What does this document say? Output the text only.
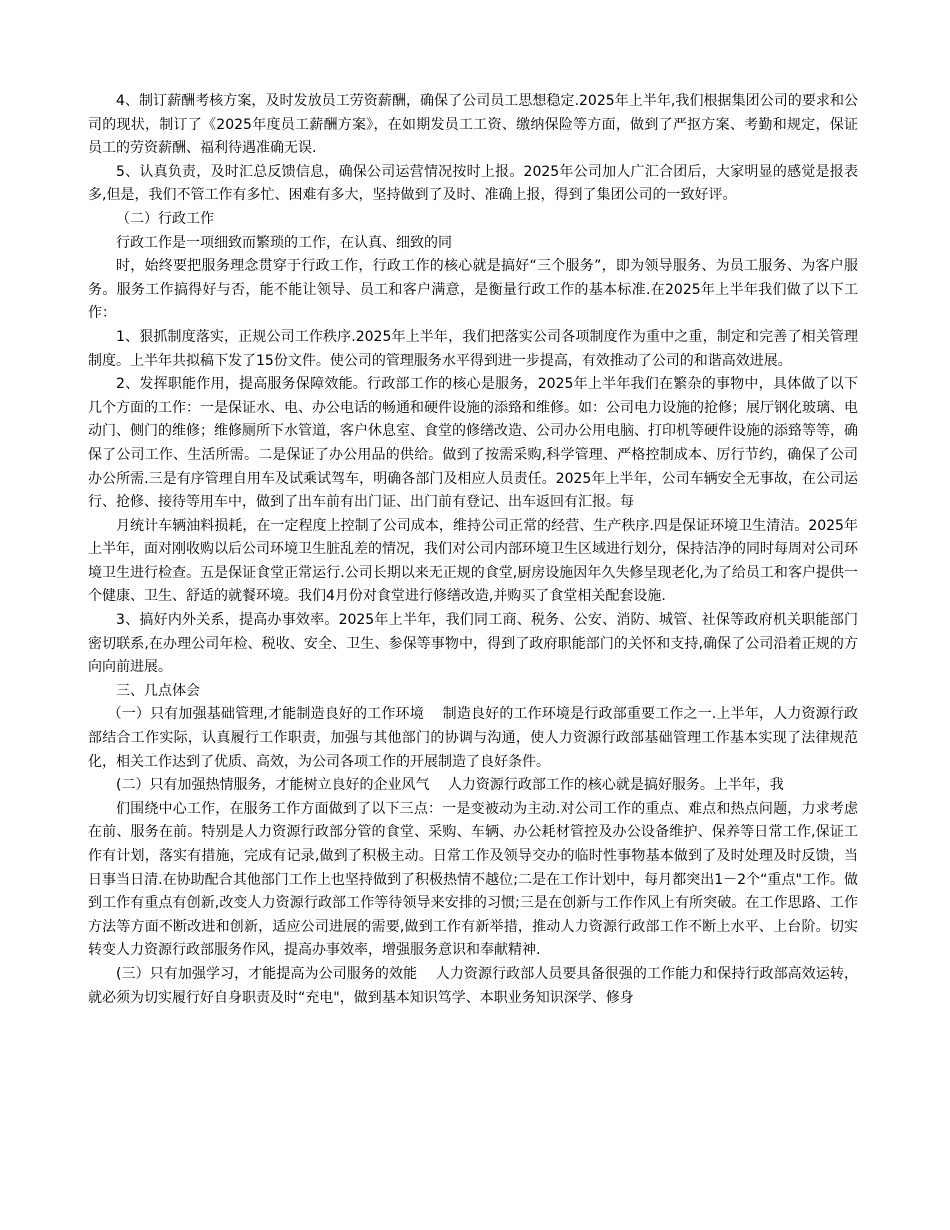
4、制订薪酬考核方案，及时发放员工劳资薪酬，确保了公司员工思想稳定.2025年上半年,我们根据集团公司的要求和公司的现状，制订了《2025年度员工薪酬方案》，在如期发员工工资、缴纳保险等方面，做到了严抠方案、考勤和规定，保证员工的劳资薪酬、福利待遇准确无误.

5、认真负责，及时汇总反馈信息，确保公司运营情况按时上报。2025年公司加人广汇合团后，大家明显的感觉是报表多,但是，我们不管工作有多忙、困难有多大，坚持做到了及时、准确上报，得到了集团公司的一致好评。

（二）行政工作

行政工作是一项细致而繁琐的工作，在认真、细致的同

时，始终要把服务理念贯穿于行政工作，行政工作的核心就是搞好“三个服务”，即为领导服务、为员工服务、为客户服务。服务工作搞得好与否，能不能让领导、员工和客户满意，是衡量行政工作的基本标准.在2025年上半年我们做了以下工作：

1、狠抓制度落实，正规公司工作秩序.2025年上半年，我们把落实公司各项制度作为重中之重，制定和完善了相关管理制度。上半年共拟稿下发了15份文件。使公司的管理服务水平得到进一步提高，有效推动了公司的和谐高效进展。

2、发挥职能作用，提高服务保障效能。行政部工作的核心是服务，2025年上半年我们在繁杂的事物中，具体做了以下几个方面的工作：一是保证水、电、办公电话的畅通和硬件设施的添臵和维修。如：公司电力设施的抢修；展厅钢化玻璃、电动门、侧门的维修；维修厕所下水管道，客户休息室、食堂的修缮改造、公司办公用电脑、打印机等硬件设施的添臵等等，确保了公司工作、生活所需。二是保证了办公用品的供给。做到了按需采购,科学管理、严格控制成本、厉行节约，确保了公司办公所需.三是有序管理自用车及试乘试驾车，明确各部门及相应人员责任。2025年上半年，公司车辆安全无事故，在公司运行、抢修、接待等用车中，做到了出车前有出门证、出门前有登记、出车返回有汇报。每

月统计车辆油料损耗，在一定程度上控制了公司成本，维持公司正常的经营、生产秩序.四是保证环境卫生清洁。2025年上半年，面对刚收购以后公司环境卫生脏乱差的情况，我们对公司内部环境卫生区域进行划分，保持洁净的同时每周对公司环境卫生进行检查。五是保证食堂正常运行.公司长期以来无正规的食堂,厨房设施因年久失修呈现老化,为了给员工和客户提供一个健康、卫生、舒适的就餐环境。我们4月份对食堂进行修缮改造,并购买了食堂相关配套设施.

3、搞好内外关系，提高办事效率。2025年上半年，我们同工商、税务、公安、消防、城管、社保等政府机关职能部门密切联系,在办理公司年检、税收、安全、卫生、参保等事物中，得到了政府职能部门的关怀和支持,确保了公司沿着正规的方向向前进展。

三、几点体会

（一）只有加强基础管理,才能制造良好的工作环境　 制造良好的工作环境是行政部重要工作之一.上半年，人力资源行政部结合工作实际，认真履行工作职责，加强与其他部门的协调与沟通，使人力资源行政部基础管理工作基本实现了法律规范化，相关工作达到了优质、高效，为公司各项工作的开展制造了良好条件。

(二）只有加强热情服务，才能树立良好的企业风气　 人力资源行政部工作的核心就是搞好服务。上半年，我

们围绕中心工作，在服务工作方面做到了以下三点：一是变被动为主动.对公司工作的重点、难点和热点问题，力求考虑在前、服务在前。特别是人力资源行政部分管的食堂、采购、车辆、办公耗材管控及办公设备维护、保养等日常工作,保证工作有计划，落实有措施，完成有记录,做到了积极主动。日常工作及领导交办的临时性事物基本做到了及时处理及时反馈，当日事当日清.在协助配合其他部门工作上也坚持做到了积极热情不越位;二是在工作计划中，每月都突出1－2个“重点"工作。做到工作有重点有创新,改变人力资源行政部工作等待领导来安排的习惯;三是在创新与工作作风上有所突破。在工作思路、工作方法等方面不断改进和创新，适应公司进展的需要,做到工作有新举措，推动人力资源行政部工作不断上水平、上台阶。切实转变人力资源行政部服务作风，提高办事效率，增强服务意识和奉献精神.

(三）只有加强学习，才能提高为公司服务的效能　 人力资源行政部人员要具备很强的工作能力和保持行政部高效运转，就必须为切实履行好自身职责及时“充电"，做到基本知识笃学、本职业务知识深学、修身
